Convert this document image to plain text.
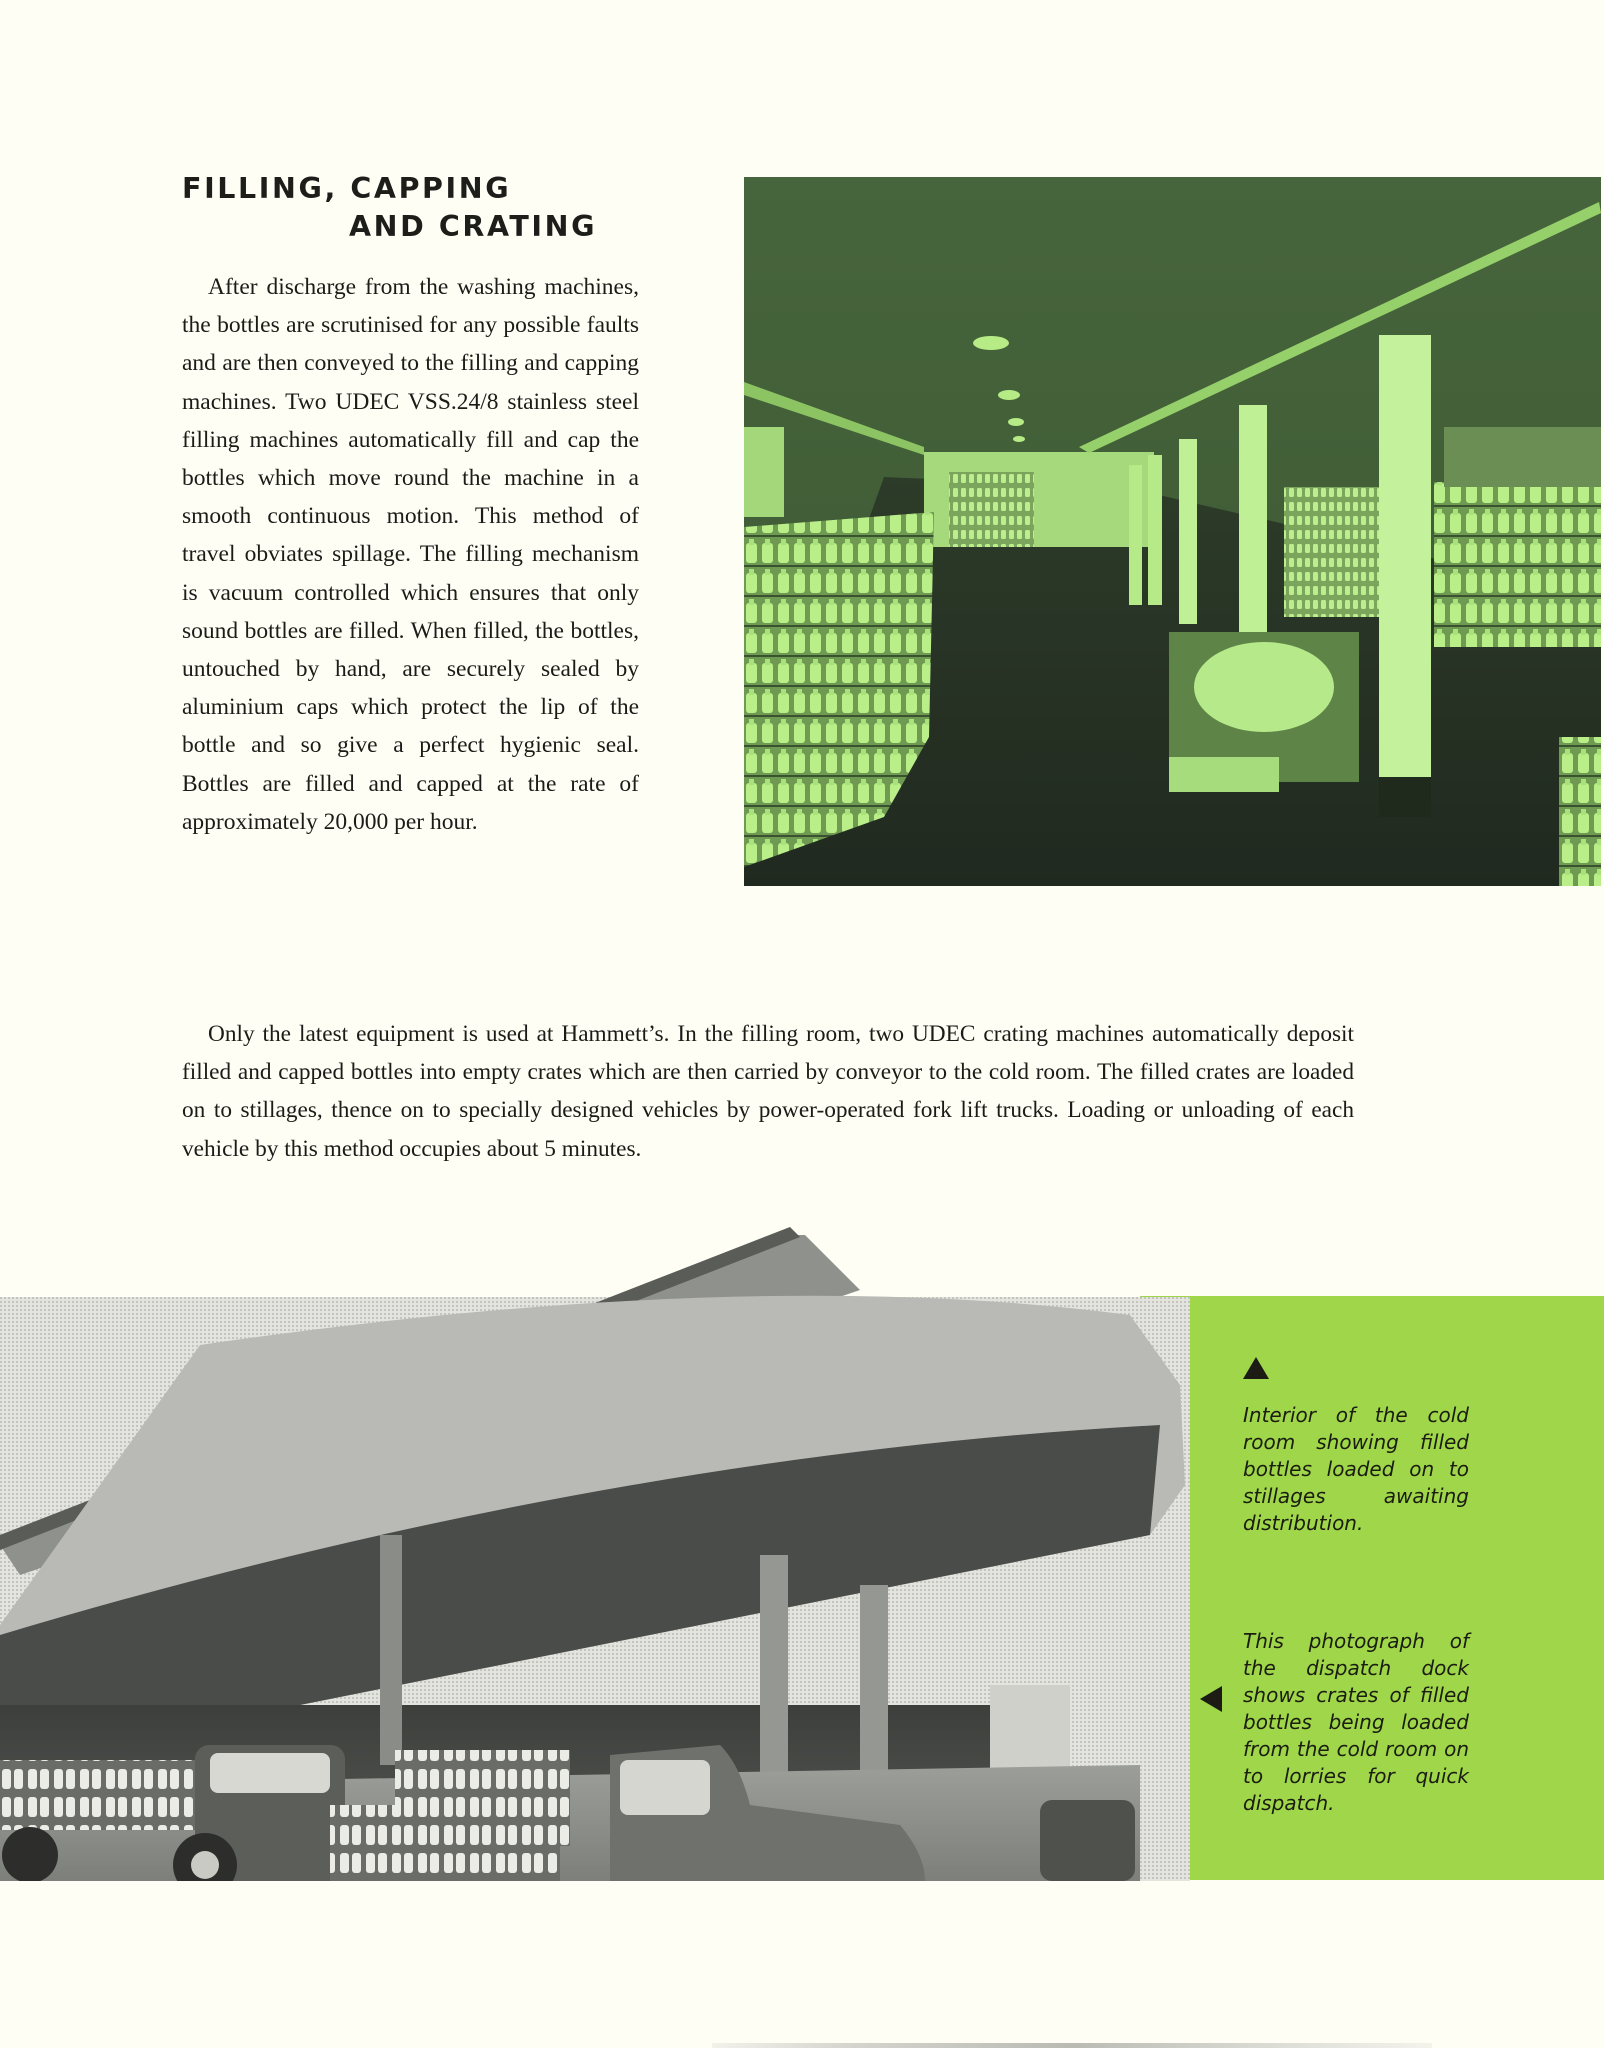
FILLING, CAPPING
AND CRATING

After discharge from the washing machines, the bottles are scrutinised for any possible faults and are then conveyed to the filling and capping machines. Two UDEC VSS.24/8 stainless steel filling machines automatically fill and cap the bottles which move round the machine in a smooth continuous motion. This method of travel obviates spillage. The filling mechanism is vacuum controlled which ensures that only sound bottles are filled. When filled, the bottles, untouched by hand, are securely sealed by aluminium caps which protect the lip of the bottle and so give a perfect hygienic seal. Bottles are filled and capped at the rate of approximately 20,000 per hour.

Only the latest equipment is used at Hammett’s. In the filling room, two UDEC crating machines automatically deposit filled and capped bottles into empty crates which are then carried by conveyor to the cold room. The filled crates are loaded on to stillages, thence on to specially designed vehicles by power-operated fork lift trucks. Loading or unloading of each vehicle by this method occupies about 5 minutes.

Interior of the cold room showing filled bottles loaded on to stillages awaiting distribution.

This photograph of the dispatch dock shows crates of filled bottles being loaded from the cold room on to lorries for quick dispatch.
